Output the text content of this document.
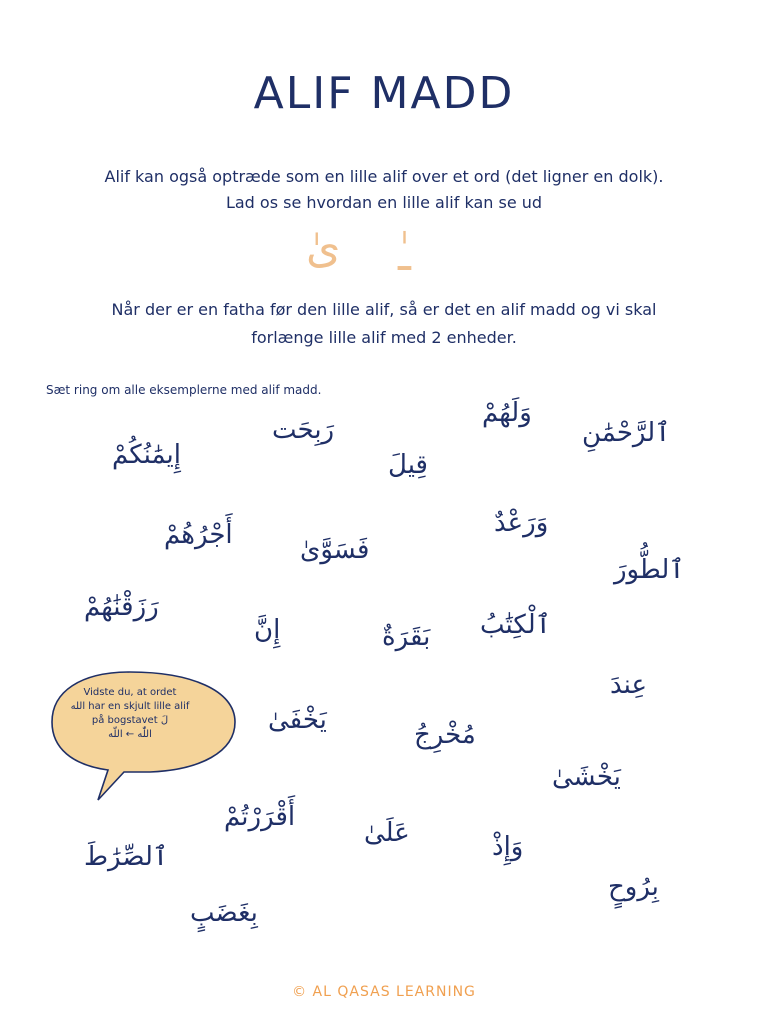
ALIF MADD
Alif kan også optræde som en lille alif over et ord (det ligner en dolk).
Lad os se hvordan en lille alif kan se ud
ىٰ ـٰ
Når der er en fatha før den lille alif, så er det en alif madd og vi skal
forlænge lille alif med 2 enheder.
Sæt ring om alle eksemplerne med alif madd.
رَبِحَت
وَلَهُمْ
ٱلرَّحْمَٰنِ
إِيمَٰنُكُمْ	قِيلَ
وَرَعْدٌ
أَجْرُهُمْ	فَسَوَّىٰ
ٱلطُّورَ
رَزَقْنَٰهُمْ
إِنَّ	بَقَرَةٌ ٱلْكِتَٰبُ
عِندَ
يَخْفَىٰ	مُخْرِجُ
يَخْشَىٰ
أَقْرَرْتُمْ
عَلَىٰ	وَإِذْ
ٱلصِّرَٰطَ
بِرُوحٍ
بِغَضَبٍ
Vidste du, at ordet
الله har en skjult lille alif
på bogstavet لَ
اللّٰه ← اللّه
© AL QASAS LEARNING
